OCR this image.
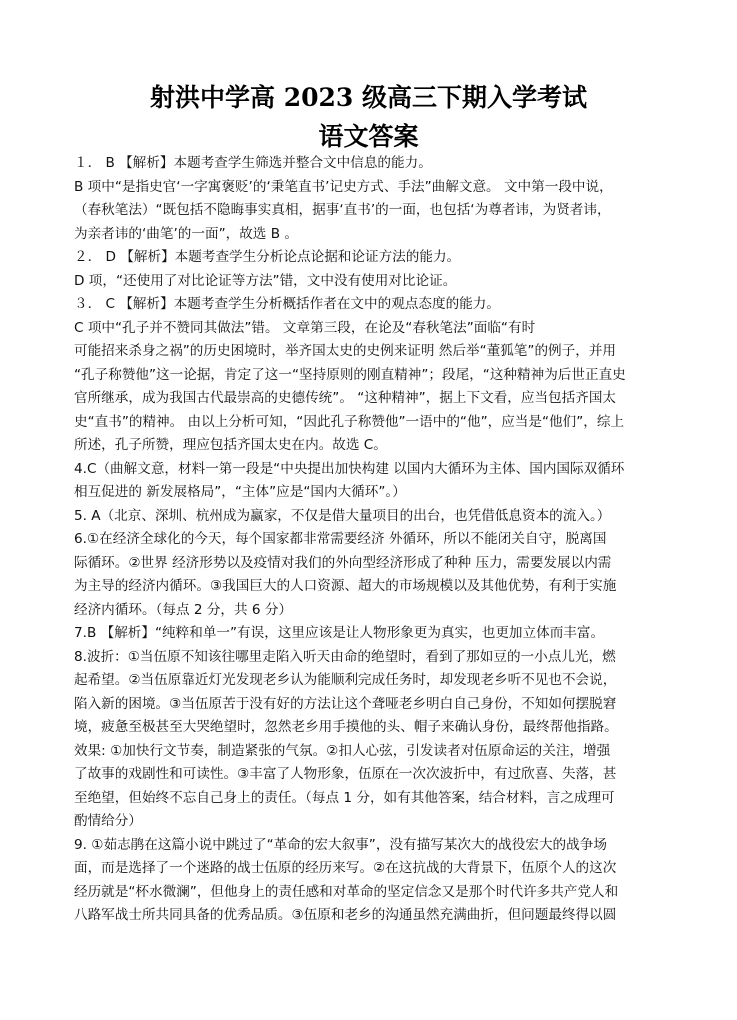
射洪中学高 2023 级高三下期入学考试
语文答案
１． B 【解析】本题考查学生筛选并整合文中信息的能力。
B 项中“是指史官‘一字寓褒贬’的‘秉笔直书’记史方式、手法”曲解文意。 文中第一段中说，
（春秋笔法）“既包括不隐晦事实真相，据事‘直书’的一面，也包括‘为尊者讳，为贤者讳，
为亲者讳的‘曲笔’的一面”，故选 B 。
２． D 【解析】本题考查学生分析论点论据和论证方法的能力。
D 项，“还使用了对比论证等方法”错，文中没有使用对比论证。
３． C 【解析】本题考查学生分析概括作者在文中的观点态度的能力。
C 项中“孔子并不赞同其做法”错。 文章第三段，在论及“春秋笔法”面临“有时
可能招来杀身之祸”的历史困境时，举齐国太史的史例来证明 然后举“董狐笔”的例子，并用
“孔子称赞他”这一论据，肯定了这一“坚持原则的刚直精神”；段尾，“这种精神为后世正直史
官所继承，成为我国古代最崇高的史德传统”。 “这种精神”，据上下文看，应当包括齐国太
史“直书”的精神。 由以上分析可知，“因此孔子称赞他”一语中的“他”，应当是“他们”，综上
所述，孔子所赞，理应包括齐国太史在内。故选 C。
4.C（曲解文意，材料一第一段是“中央提出加快构建 以国内大循环为主体、国内国际双循环
相互促进的 新发展格局”，“主体”应是“国内大循环”。）
5. A（北京、深圳、杭州成为赢家，不仅是借大量项目的出台，也凭借低息资本的流入。）
6.①在经济全球化的今天，每个国家都非常需要经济 外循环，所以不能闭关自守，脱离国
际循环。②世界 经济形势以及疫情对我们的外向型经济形成了种种 压力，需要发展以内需
为主导的经济内循环。③我国巨大的人口资源、超大的市场规模以及其他优势，有利于实施
经济内循环。（每点 2 分，共 6 分）
7.B 【解析】“纯粹和单一”有误，这里应该是让人物形象更为真实，也更加立体而丰富。
8.波折：①当伍原不知该往哪里走陷入听天由命的绝望时，看到了那如豆的一小点儿光，燃
起希望。②当伍原靠近灯光发现老乡认为能顺利完成任务时，却发现老乡听不见也不会说，
陷入新的困境。③当伍原苦于没有好的方法让这个聋哑老乡明白自己身份，不知如何摆脱窘
境，疲惫至极甚至大哭绝望时，忽然老乡用手摸他的头、帽子来确认身份，最终帮他指路。
效果: ①加快行文节奏，制造紧张的气氛。②扣人心弦，引发读者对伍原命运的关注，增强
了故事的戏剧性和可读性。③丰富了人物形象，伍原在一次次波折中，有过欣喜、失落，甚
至绝望，但始终不忘自己身上的责任。（每点 1 分，如有其他答案，结合材料，言之成理可
酌情给分）
9. ①茹志鹃在这篇小说中跳过了“革命的宏大叙事”，没有描写某次大的战役宏大的战争场
面，而是选择了一个迷路的战士伍原的经历来写。②在这抗战的大背景下，伍原个人的这次
经历就是“杯水微澜”，但他身上的责任感和对革命的坚定信念又是那个时代许多共产党人和
八路军战士所共同具备的优秀品质。③伍原和老乡的沟通虽然充满曲折，但问题最终得以圆
